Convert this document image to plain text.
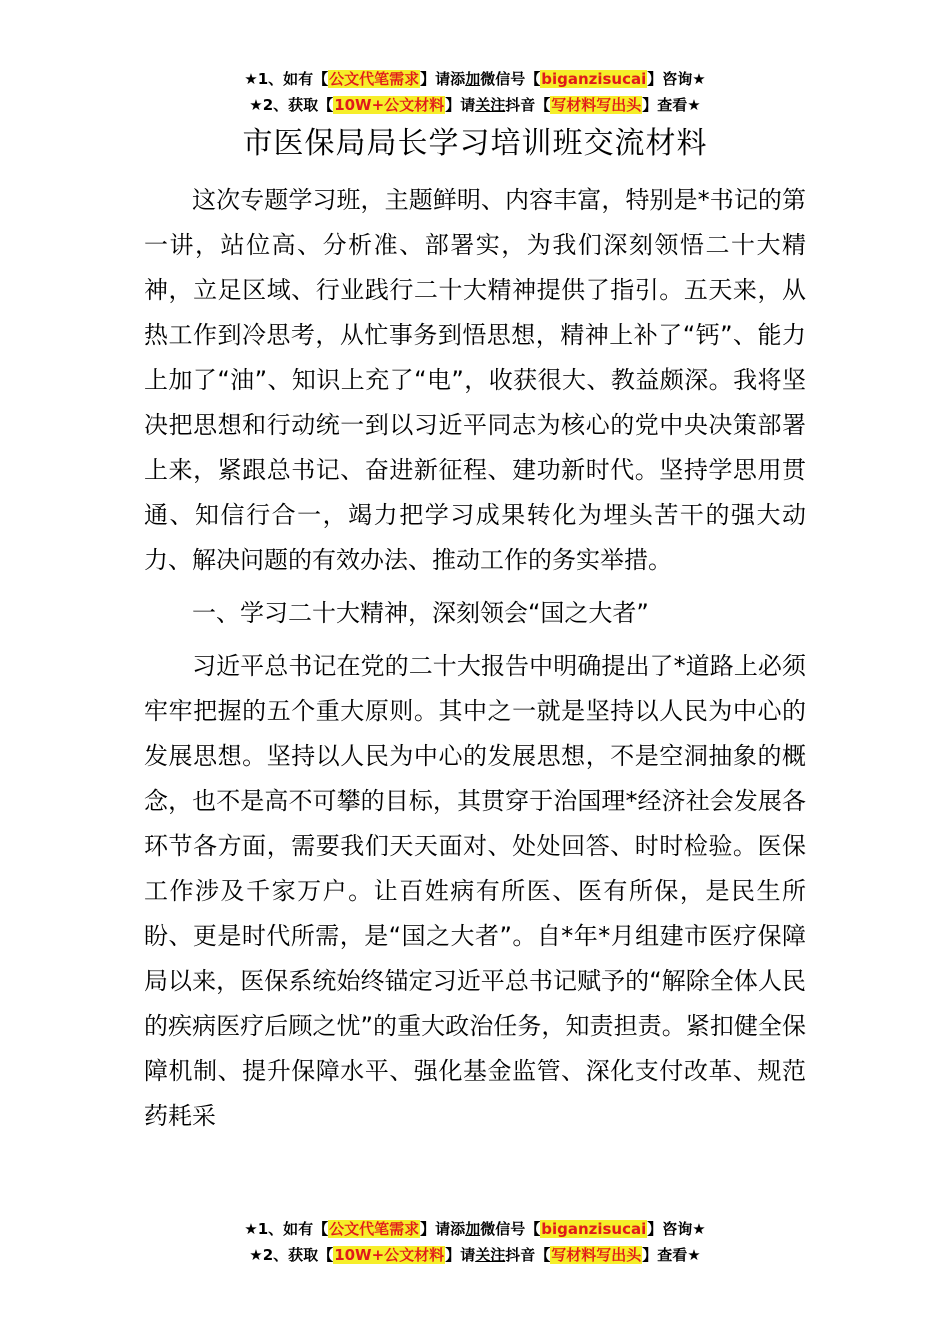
★1、如有【公文代笔需求】请添加微信号【biganzisucai】咨询★
★2、获取【10W+公文材料】请关注抖音【写材料写出头】查看★
市医保局局长学习培训班交流材料

这次专题学习班，主题鲜明、内容丰富，特别是*书记的第一讲，站位高、分析准、部署实，为我们深刻领悟二十大精神，立足区域、行业践行二十大精神提供了指引。五天来，从热工作到冷思考，从忙事务到悟思想，精神上补了“钙”、能力上加了“油”、知识上充了“电”，收获很大、教益颇深。我将坚决把思想和行动统一到以习近平同志为核心的党中央决策部署上来，紧跟总书记、奋进新征程、建功新时代。坚持学思用贯通、知信行合一，竭力把学习成果转化为埋头苦干的强大动力、解决问题的有效办法、推动工作的务实举措。

一、学习二十大精神，深刻领会“国之大者”

习近平总书记在党的二十大报告中明确提出了*道路上必须牢牢把握的五个重大原则。其中之一就是坚持以人民为中心的发展思想。坚持以人民为中心的发展思想，不是空洞抽象的概念，也不是高不可攀的目标，其贯穿于治国理*经济社会发展各环节各方面，需要我们天天面对、处处回答、时时检验。医保工作涉及千家万户。让百姓病有所医、医有所保，是民生所盼、更是时代所需，是“国之大者”。自*年*月组建市医疗保障局以来，医保系统始终锚定习近平总书记赋予的“解除全体人民的疾病医疗后顾之忧”的重大政治任务，知责担责。紧扣健全保障机制、提升保障水平、强化基金监管、深化支付改革、规范药耗采

★1、如有【公文代笔需求】请添加微信号【biganzisucai】咨询★
★2、获取【10W+公文材料】请关注抖音【写材料写出头】查看★
